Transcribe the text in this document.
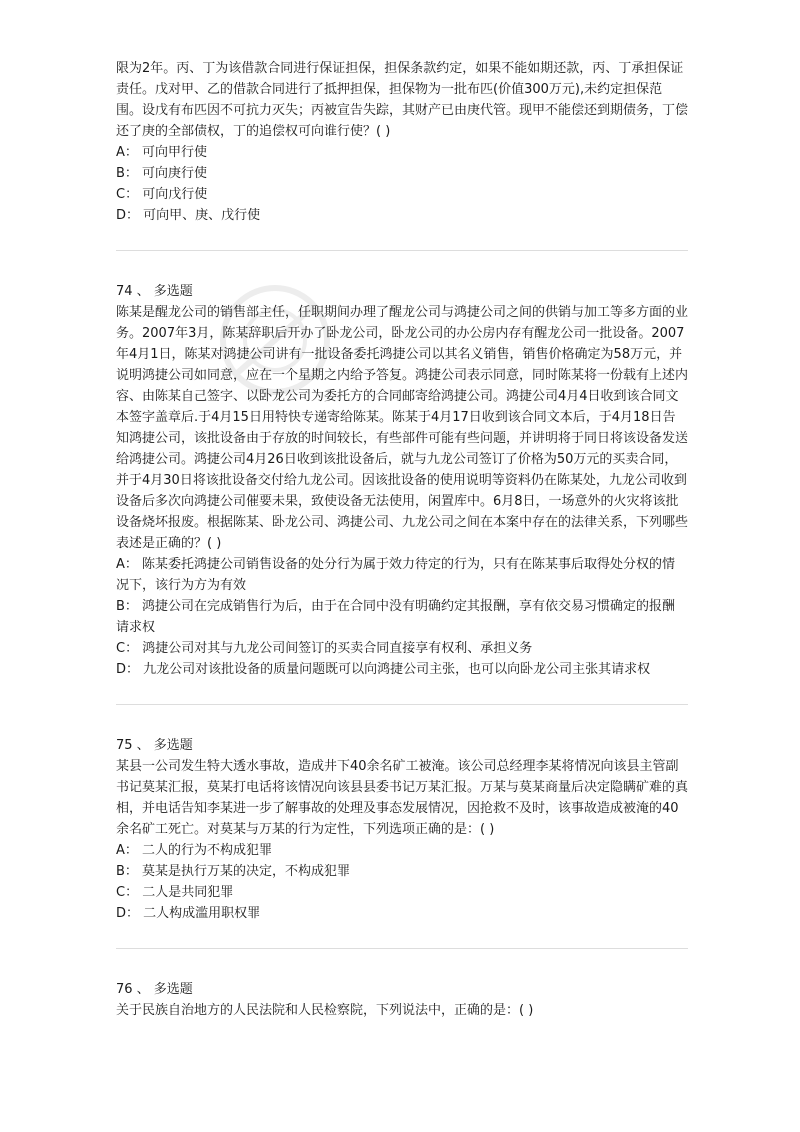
限为2年。丙、丁为该借款合同进行保证担保，担保条款约定，如果不能如期还款，丙、丁承担保证责任。戊对甲、乙的借款合同进行了抵押担保，担保物为一批布匹(价值300万元),未约定担保范围。设戊有布匹因不可抗力灭失；丙被宣告失踪，其财产已由庚代管。现甲不能偿还到期债务，丁偿还了庚的全部债权，丁的追偿权可向谁行使？( )

A： 可向甲行使

B： 可向庚行使

C： 可向戊行使

D： 可向甲、庚、戊行使

74 、 多选题

陈某是醒龙公司的销售部主任，任职期间办理了醒龙公司与鸿捷公司之间的供销与加工等多方面的业务。2007年3月，陈某辞职后开办了卧龙公司，卧龙公司的办公房内存有醒龙公司一批设备。2007年4月1日，陈某对鸿捷公司讲有一批设备委托鸿捷公司以其名义销售，销售价格确定为58万元，并说明鸿捷公司如同意，应在一个星期之内给予答复。鸿捷公司表示同意，同时陈某将一份载有上述内容、由陈某自己签字、以卧龙公司为委托方的合同邮寄给鸿捷公司。鸿捷公司4月4日收到该合同文本签字盖章后.于4月15日用特快专递寄给陈某。陈某于4月17日收到该合同文本后，于4月18日告知鸿捷公司，该批设备由于存放的时间较长，有些部件可能有些问题，并讲明将于同日将该设备发送给鸿捷公司。鸿捷公司4月26日收到该批设备后，就与九龙公司签订了价格为50万元的买卖合同，并于4月30日将该批设备交付给九龙公司。因该批设备的使用说明等资料仍在陈某处，九龙公司收到设备后多次向鸿捷公司催要未果，致使设备无法使用，闲置库中。6月8日，一场意外的火灾将该批设备烧坏报废。根据陈某、卧龙公司、鸿捷公司、九龙公司之间在本案中存在的法律关系，下列哪些表述是正确的？( )

A： 陈某委托鸿捷公司销售设备的处分行为属于效力待定的行为，只有在陈某事后取得处分权的情况下，该行为方为有效

B： 鸿捷公司在完成销售行为后，由于在合同中没有明确约定其报酬，享有依交易习惯确定的报酬请求权

C： 鸿捷公司对其与九龙公司间签订的买卖合同直接享有权利、承担义务

D： 九龙公司对该批设备的质量问题既可以向鸿捷公司主张，也可以向卧龙公司主张其请求权

75 、 多选题

某县一公司发生特大透水事故，造成井下40余名矿工被淹。该公司总经理李某将情况向该县主管副书记莫某汇报，莫某打电话将该情况向该县县委书记万某汇报。万某与莫某商量后决定隐瞒矿难的真相，并电话告知李某进一步了解事故的处理及事态发展情况，因抢救不及时，该事故造成被淹的40余名矿工死亡。对莫某与万某的行为定性，下列选项正确的是：( )

A： 二人的行为不构成犯罪

B： 莫某是执行万某的决定，不构成犯罪

C： 二人是共同犯罪

D： 二人构成滥用职权罪

76 、 多选题

关于民族自治地方的人民法院和人民检察院，下列说法中，正确的是：( )
